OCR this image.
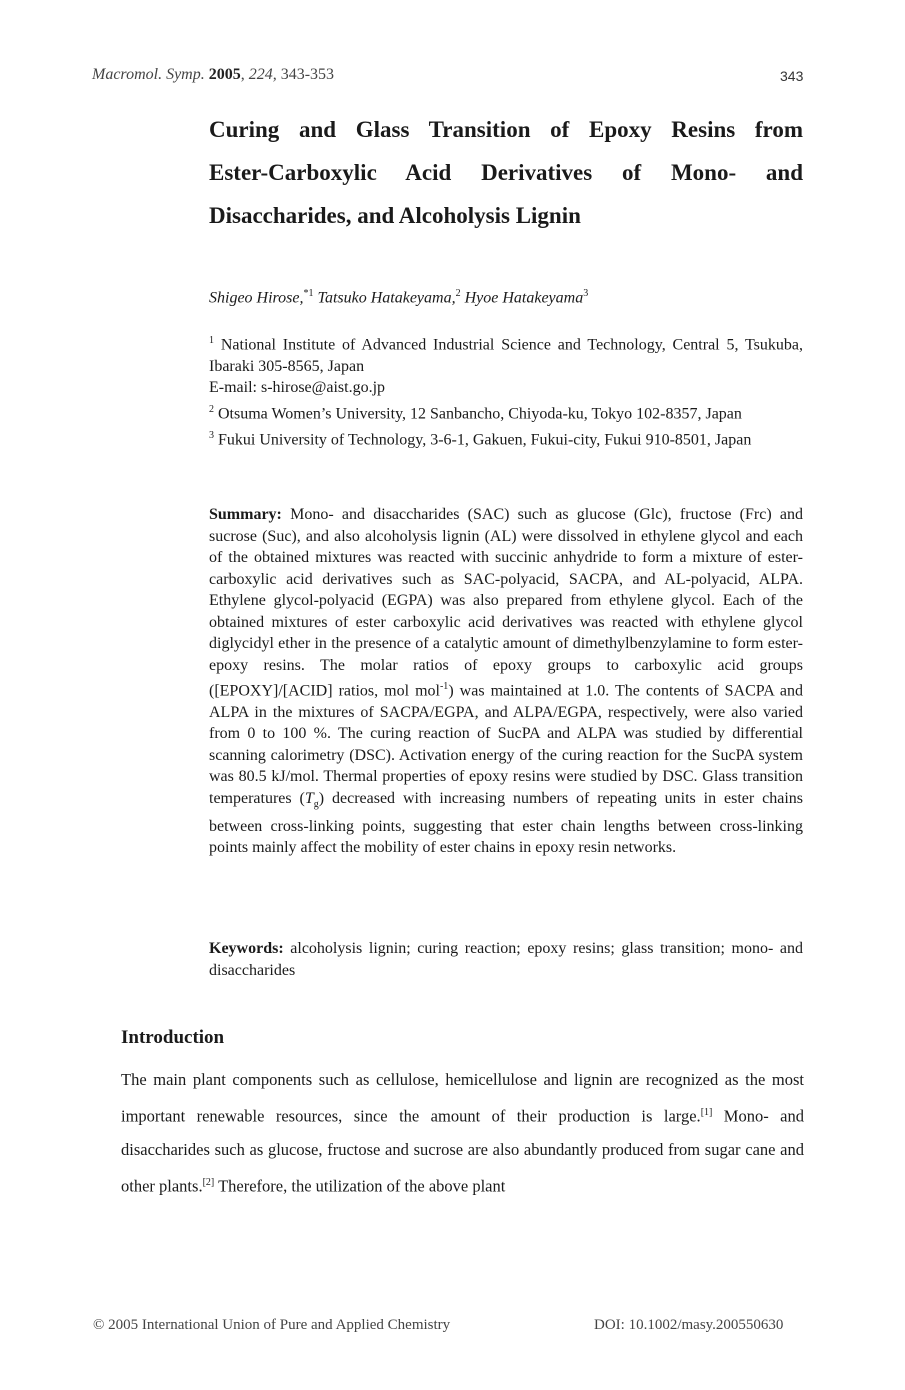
Macromol. Symp. 2005, 224, 343-353	343
Curing and Glass Transition of Epoxy Resins from
Ester-Carboxylic Acid Derivatives of Mono- and
Disaccharides, and Alcoholysis Lignin
Shigeo Hirose,$^{*1}$ Tatsuko Hatakeyama,$^2$ Hyoe Hatakeyama$^3$

$^1$ National Institute of Advanced Industrial Science and Technology, Central 5, Tsukuba, Ibaraki 305-8565, Japan

E-mail: s-hirose@aist.go.jp

$^2$ Otsuma Women’s University, 12 Sanbancho, Chiyoda-ku, Tokyo 102-8357, Japan

$^3$ Fukui University of Technology, 3-6-1, Gakuen, Fukui-city, Fukui 910-8501, Japan

Summary: Mono- and disaccharides (SAC) such as glucose (Glc), fructose (Frc) and sucrose (Suc), and also alcoholysis lignin (AL) were dissolved in ethylene glycol and each of the obtained mixtures was reacted with succinic anhydride to form a mixture of ester-carboxylic acid derivatives such as SAC-polyacid, SACPA, and AL-polyacid, ALPA. Ethylene glycol-polyacid (EGPA) was also prepared from ethylene glycol. Each of the obtained mixtures of ester carboxylic acid derivatives was reacted with ethylene glycol diglycidyl ether in the presence of a catalytic amount of dimethylbenzylamine to form ester-epoxy resins. The molar ratios of epoxy groups to carboxylic acid groups ([EPOXY]/[ACID] ratios, mol mol$^{-1}$) was maintained at 1.0. The contents of SACPA and ALPA in the mixtures of SACPA/EGPA, and ALPA/EGPA, respectively, were also varied from 0 to 100 %. The curing reaction of SucPA and ALPA was studied by differential scanning calorimetry (DSC). Activation energy of the curing reaction for the SucPA system was 80.5 kJ/mol. Thermal properties of epoxy resins were studied by DSC. Glass transition temperatures $(T_g)$ decreased with increasing numbers of repeating units in ester chains between cross-linking points, suggesting that ester chain lengths between cross-linking points mainly affect the mobility of ester chains in epoxy resin networks.
Keywords: alcoholysis lignin; curing reaction; epoxy resins; glass transition; mono- and disaccharides
Introduction
The main plant components such as cellulose, hemicellulose and lignin are recognized as the most important renewable resources, since the amount of their production is large.[1] Mono- and disaccharides such as glucose, fructose and sucrose are also abundantly produced from sugar cane and other plants.[2] Therefore, the utilization of the above plant
© 2005 International Union of Pure and Applied Chemistry	DOI: 10.1002/masy.200550630
